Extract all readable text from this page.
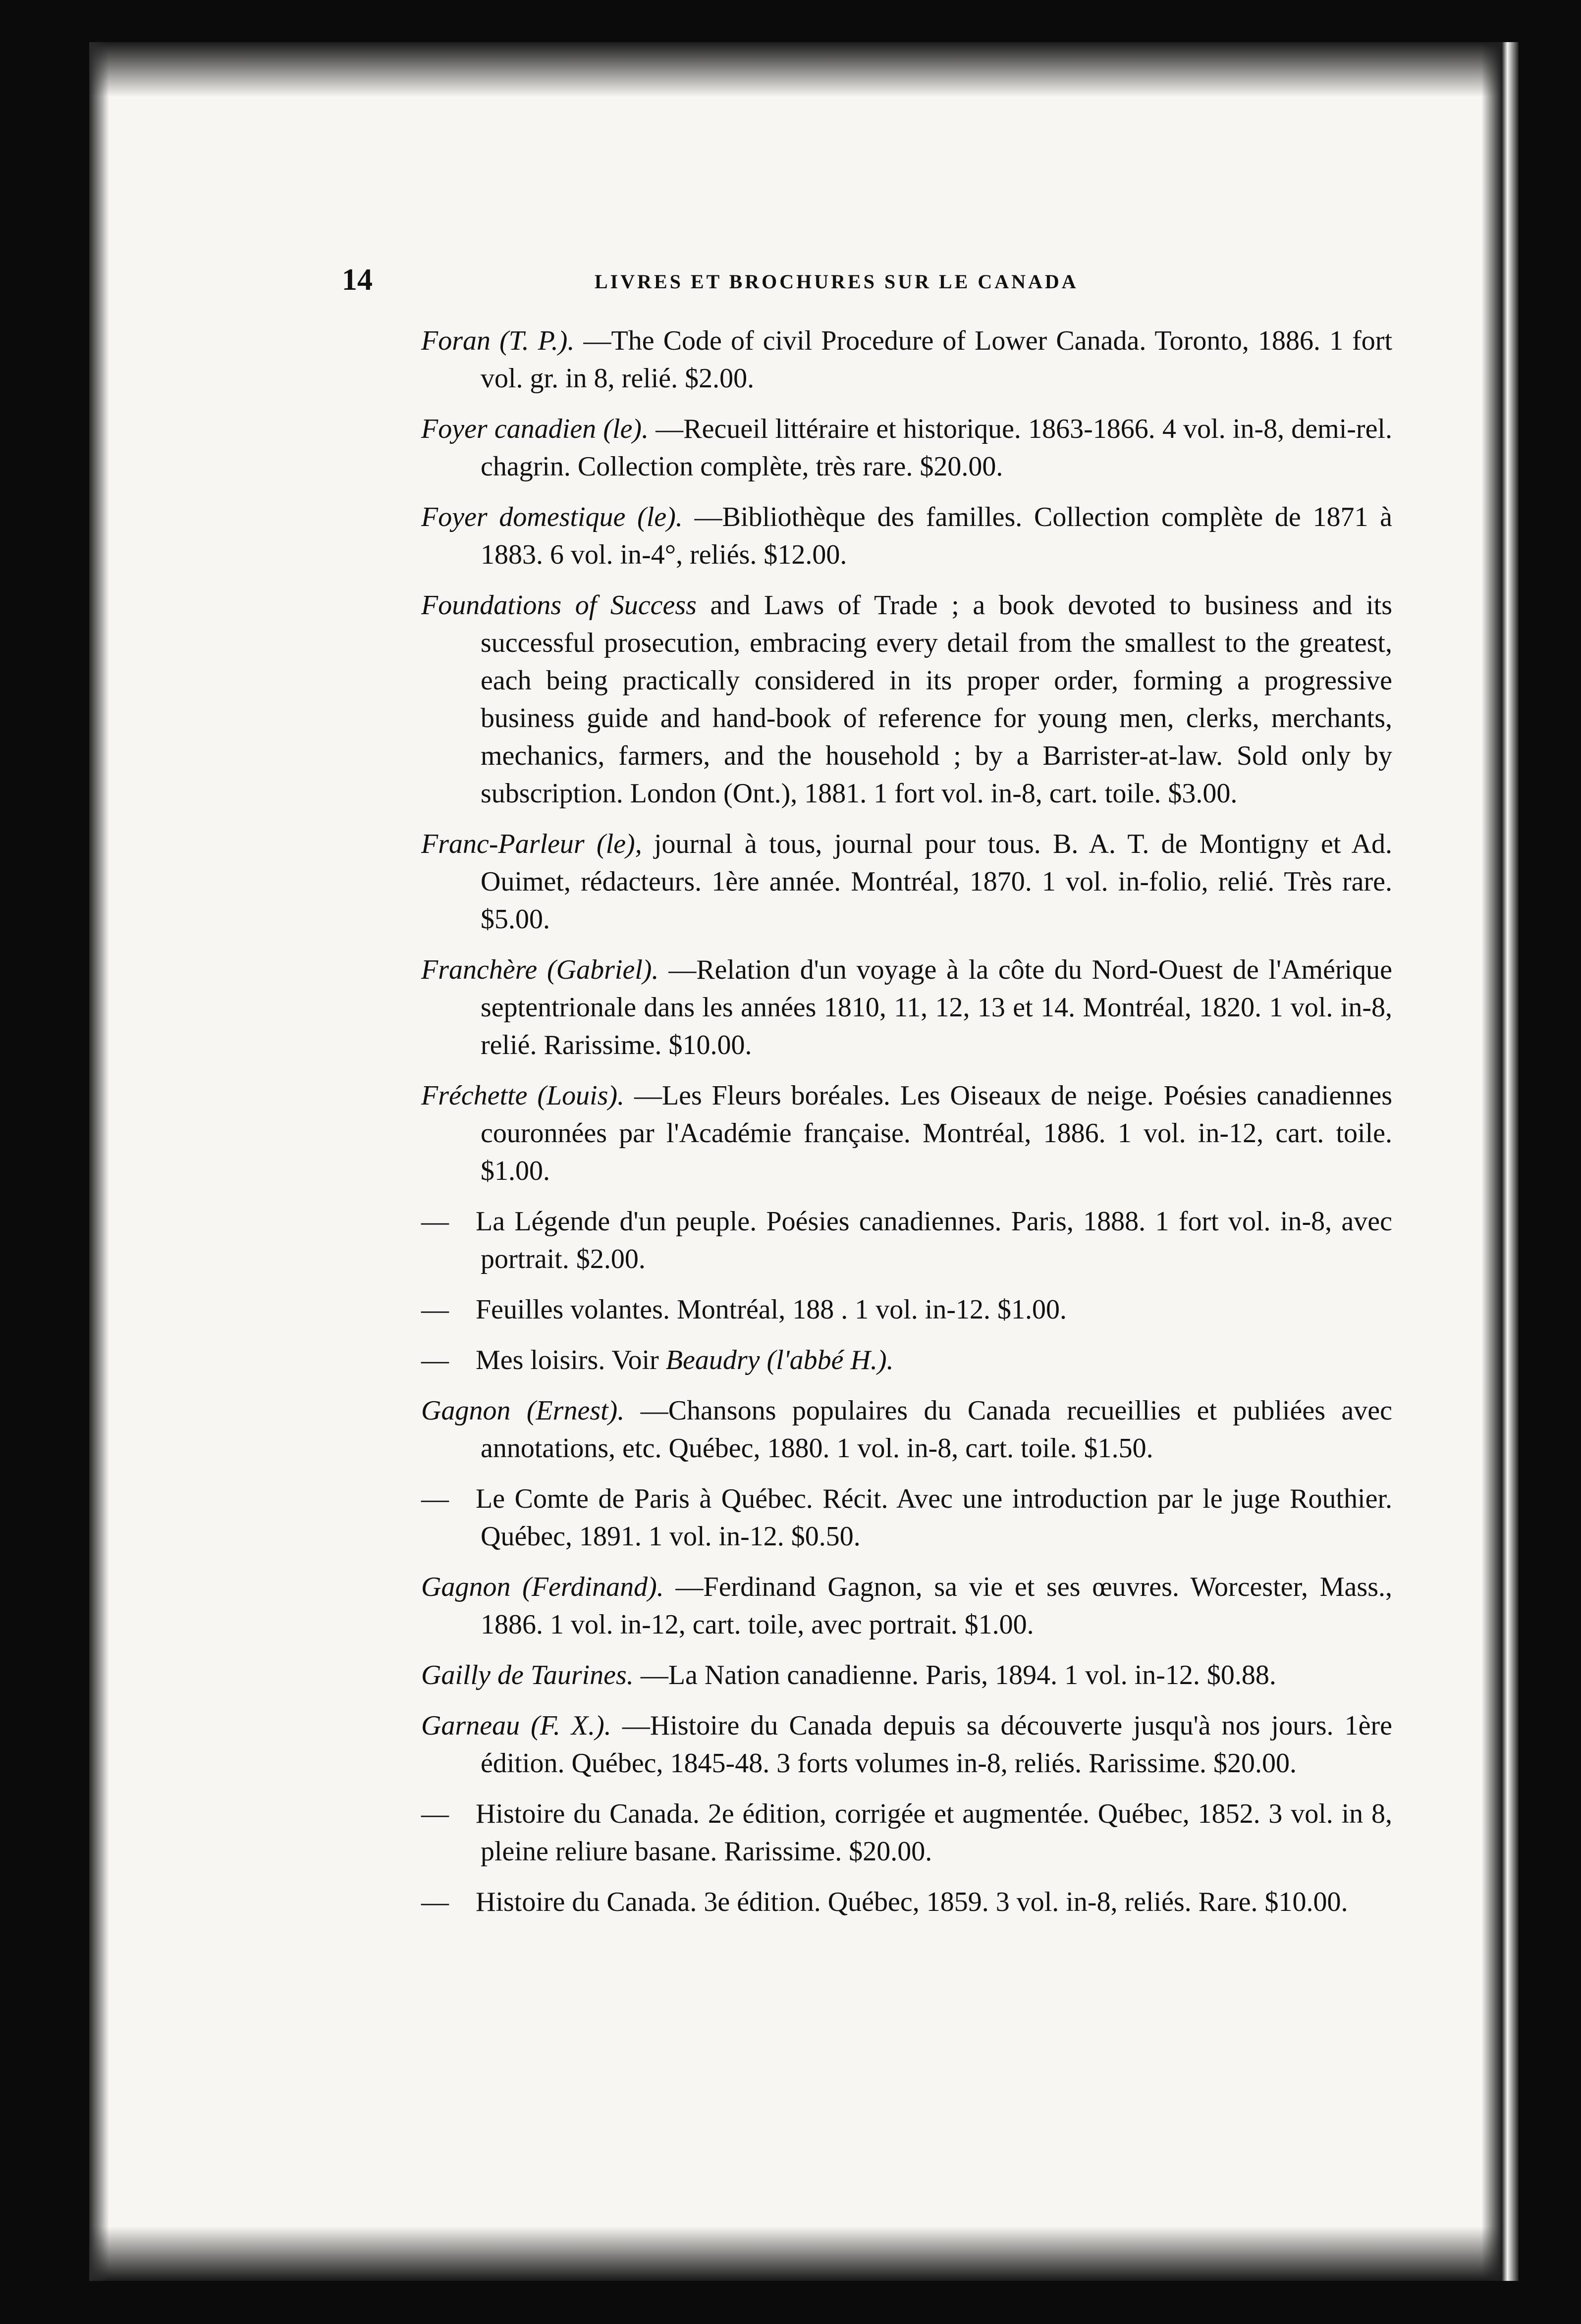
14	LIVRES ET BROCHURES SUR LE CANADA
Foran (T. P.). —The Code of civil Procedure of Lower Canada. Toronto, 1886. 1 fort vol. gr. in 8, relié. $2.00.
Foyer canadien (le). —Recueil littéraire et historique. 1863-1866. 4 vol. in-8, demi-rel. chagrin. Collection complète, très rare. $20.00.
Foyer domestique (le). —Bibliothèque des familles. Collection complète de 1871 à 1883. 6 vol. in-4°, reliés. $12.00.
Foundations of Success and Laws of Trade ; a book devoted to business and its successful prosecution, embracing every detail from the smallest to the greatest, each being practically considered in its proper order, forming a progressive business guide and hand-book of reference for young men, clerks, merchants, mechanics, farmers, and the household ; by a Barrister-at-law. Sold only by subscription. London (Ont.), 1881. 1 fort vol. in-8, cart. toile. $3.00.
Franc-Parleur (le), journal à tous, journal pour tous. B. A. T. de Montigny et Ad. Ouimet, rédacteurs. 1ère année. Montréal, 1870. 1 vol. in-folio, relié. Très rare. $5.00.
Franchère (Gabriel). —Relation d'un voyage à la côte du Nord-Ouest de l'Amérique septentrionale dans les années 1810, 11, 12, 13 et 14. Montréal, 1820. 1 vol. in-8, relié. Rarissime. $10.00.
Fréchette (Louis). —Les Fleurs boréales. Les Oiseaux de neige. Poésies canadiennes couronnées par l'Académie française. Montréal, 1886. 1 vol. in-12, cart. toile. $1.00.
— La Légende d'un peuple. Poésies canadiennes. Paris, 1888. 1 fort vol. in-8, avec portrait. $2.00.
— Feuilles volantes. Montréal, 188 . 1 vol. in-12. $1.00.
— Mes loisirs. Voir Beaudry (l'abbé H.).
Gagnon (Ernest). —Chansons populaires du Canada recueillies et publiées avec annotations, etc. Québec, 1880. 1 vol. in-8, cart. toile. $1.50.
— Le Comte de Paris à Québec. Récit. Avec une introduction par le juge Routhier. Québec, 1891. 1 vol. in-12. $0.50.
Gagnon (Ferdinand). —Ferdinand Gagnon, sa vie et ses œuvres. Worcester, Mass., 1886. 1 vol. in-12, cart. toile, avec portrait. $1.00.
Gailly de Taurines. —La Nation canadienne. Paris, 1894. 1 vol. in-12. $0.88.
Garneau (F. X.). —Histoire du Canada depuis sa découverte jusqu'à nos jours. 1ère édition. Québec, 1845-48. 3 forts volumes in-8, reliés. Rarissime. $20.00.
— Histoire du Canada. 2e édition, corrigée et augmentée. Québec, 1852. 3 vol. in 8, pleine reliure basane. Rarissime. $20.00.
— Histoire du Canada. 3e édition. Québec, 1859. 3 vol. in-8, reliés. Rare. $10.00.
